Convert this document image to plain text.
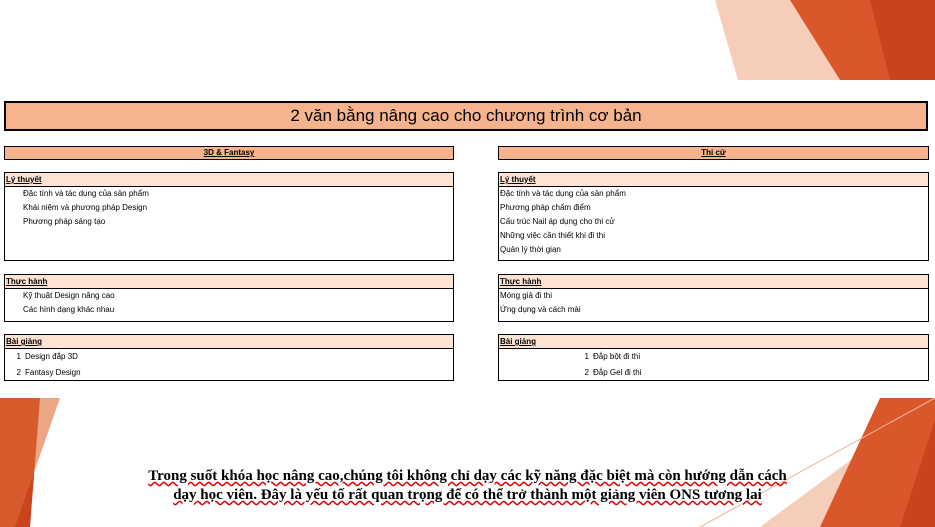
2 văn bằng nâng cao cho chương trình cơ bản
3D & Fantasy
Lý thuyết
Đặc tính và tác dụng của sản phẩm
Khái niệm và phương pháp Design
Phương pháp sáng tạo
Thực hành
Kỹ thuật Design nâng cao
Các hình dạng khác nhau
Bài giảng
1 Design đắp 3D
2 Fantasy Design
Thi cử
Lý thuyết
Đặc tính và tác dụng của sản phẩm
Phương pháp chấm điểm
Cấu trúc Nail áp dụng cho thi cử
Những việc cần thiết khi đi thi
Quản lý thời gian
Thực hành
Móng giả đi thi
Ứng dụng và cách mài
Bài giảng
1 Đắp bột đi thi
2 Đắp Gel đi thi
Trong suốt khóa học nâng cao,chúng tôi không chỉ dạy các kỹ năng đặc biệt mà còn hướng dẫn cách
dạy học viên. Đây là yếu tố rất quan trọng để có thể trở thành một giảng viên ONS tương lai
